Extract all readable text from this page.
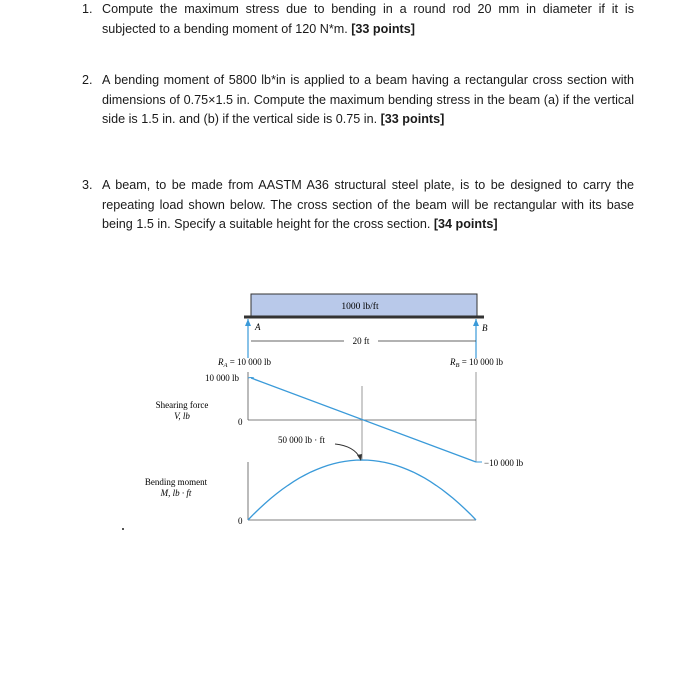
1. Compute the maximum stress due to bending in a round rod 20 mm in diameter if it is subjected to a bending moment of 120 N*m. [33 points]
2. A bending moment of 5800 lb*in is applied to a beam having a rectangular cross section with dimensions of 0.75×1.5 in. Compute the maximum bending stress in the beam (a) if the vertical side is 1.5 in. and (b) if the vertical side is 0.75 in. [33 points]
3. A beam, to be made from AASTM A36 structural steel plate, is to be designed to carry the repeating load shown below. The cross section of the beam will be rectangular with its base being 1.5 in. Specify a suitable height for the cross section. [34 points]
1000 lb/ft
A	B
20 ft
$R_A = 10$ 000 lb	$R_B = 10$ 000 lb
10 000 lb
Shearing force
V, lb
0
−10 000 lb
Bending moment
M, lb · ft
0
50 000 lb · ft
